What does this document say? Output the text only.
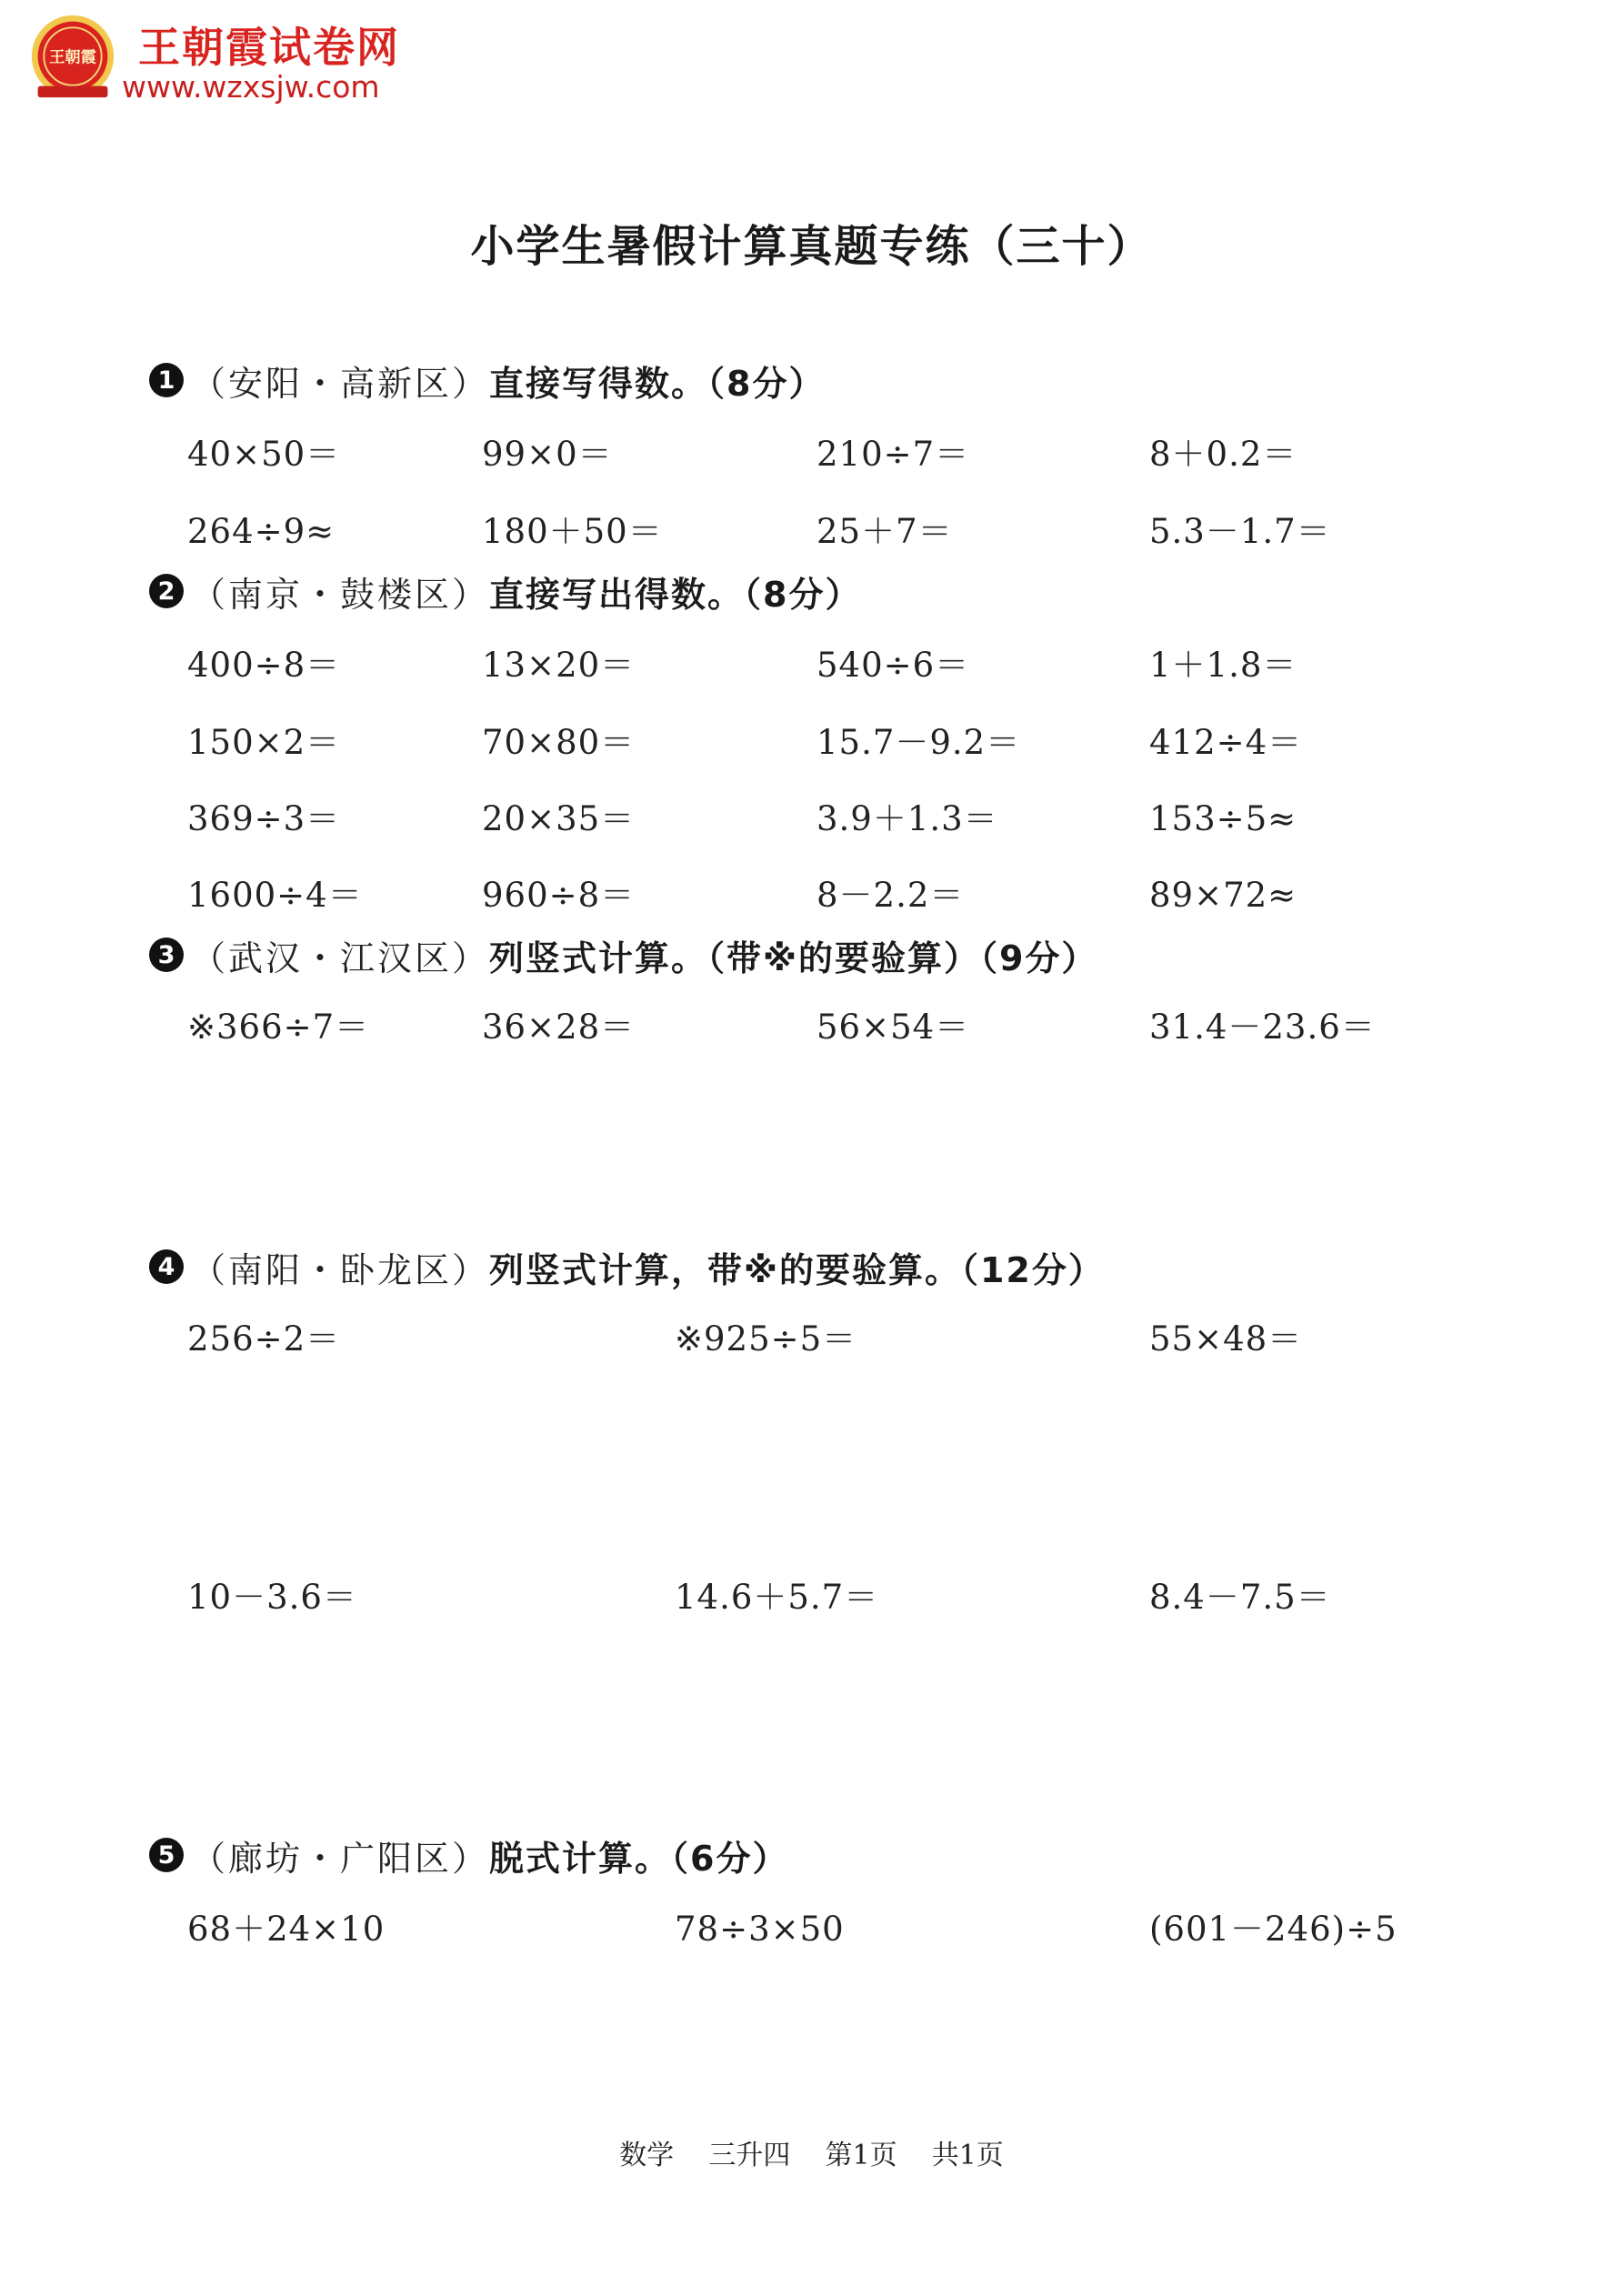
王朝霞 王朝霞试卷网
www.wzxsjw.com
小学生暑假计算真题专练（三十）
1 （安阳・高新区） 直接写得数。（8分）
40×50＝	99×0＝	210÷7＝	8＋0.2＝
264÷9≈	180＋50＝	25＋7＝	5.3－1.7＝
2 （南京・鼓楼区） 直接写出得数。（8分）
400÷8＝	13×20＝	540÷6＝	1＋1.8＝
150×2＝	70×80＝	15.7－9.2＝	412÷4＝
369÷3＝	20×35＝	3.9＋1.3＝	153÷5≈
1600÷4＝	960÷8＝	8－2.2＝	89×72≈
3 （武汉・江汉区） 列竖式计算。（带※的要验算）（9分）
※366÷7＝	36×28＝	56×54＝	31.4－23.6＝
4 （南阳・卧龙区） 列竖式计算，带※的要验算。（12分）
256÷2＝	※925÷5＝	55×48＝
10－3.6＝	14.6＋5.7＝	8.4－7.5＝
5 （廊坊・广阳区） 脱式计算。（6分）
68＋24×10	78÷3×50	(601－246)÷5
数学    三升四    第1页    共1页
